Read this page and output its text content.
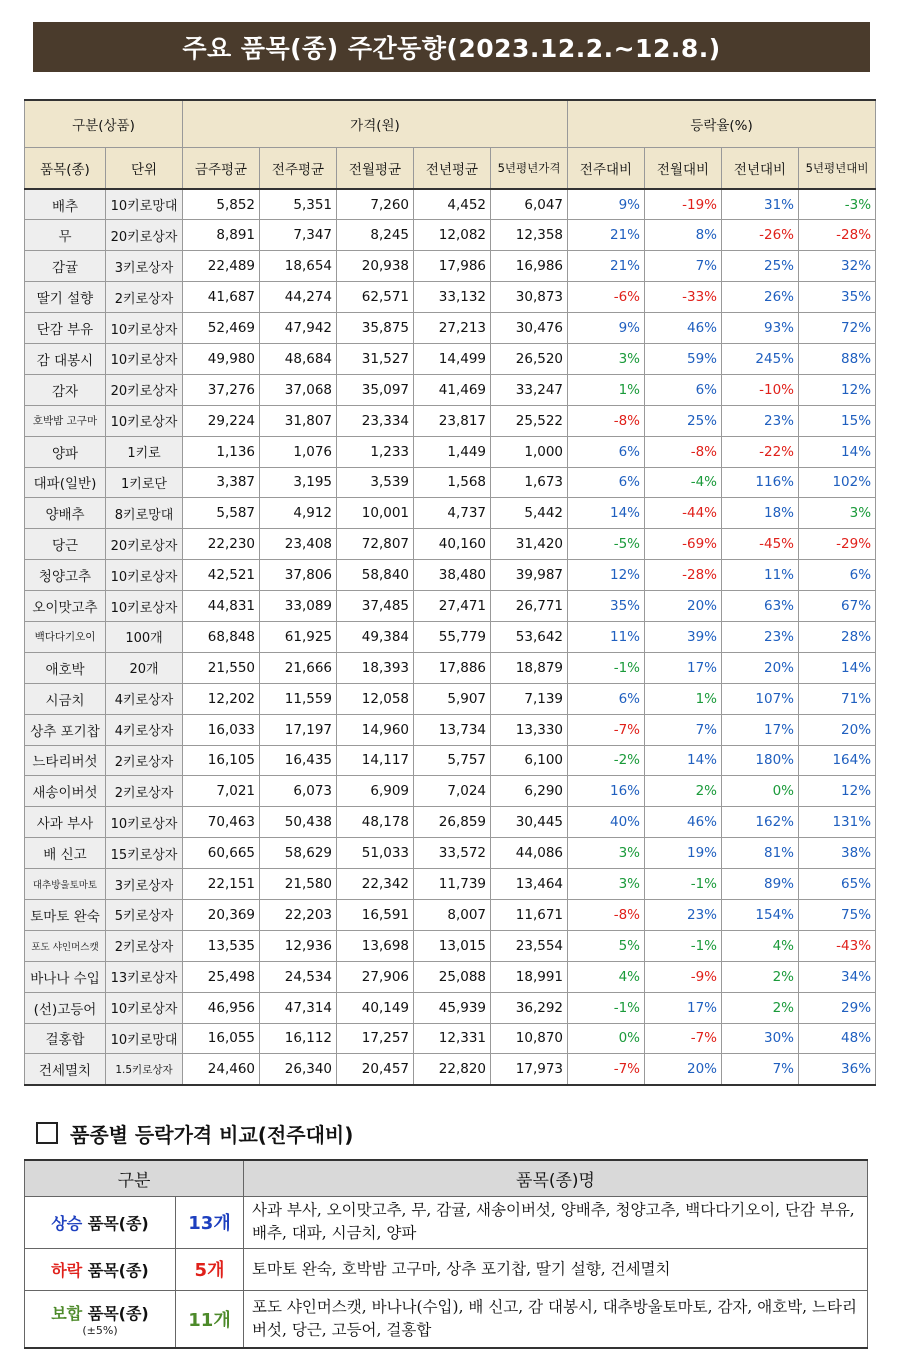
주요 품목(종) 주간동향(2023.12.2.~12.8.)
구분(상품)		가격(원)					등락율(%)			
품목(종)	단위	금주평균	전주평균	전월평균	전년평균	5년평년가격	전주대비	전월대비	전년대비	5년평년대비
배추	10키로망대	5,852	5,351	7,260	4,452	6,047	9%	-19%	31%	-3%
무	20키로상자	8,891	7,347	8,245	12,082	12,358	21%	8%	-26%	-28%
감귤	3키로상자	22,489	18,654	20,938	17,986	16,986	21%	7%	25%	32%
딸기 설향	2키로상자	41,687	44,274	62,571	33,132	30,873	-6%	-33%	26%	35%
단감 부유	10키로상자	52,469	47,942	35,875	27,213	30,476	9%	46%	93%	72%
감 대봉시	10키로상자	49,980	48,684	31,527	14,499	26,520	3%	59%	245%	88%
감자	20키로상자	37,276	37,068	35,097	41,469	33,247	1%	6%	-10%	12%
호박밤 고구마	10키로상자	29,224	31,807	23,334	23,817	25,522	-8%	25%	23%	15%
양파	1키로	1,136	1,076	1,233	1,449	1,000	6%	-8%	-22%	14%
대파(일반)	1키로단	3,387	3,195	3,539	1,568	1,673	6%	-4%	116%	102%
양배추	8키로망대	5,587	4,912	10,001	4,737	5,442	14%	-44%	18%	3%
당근	20키로상자	22,230	23,408	72,807	40,160	31,420	-5%	-69%	-45%	-29%
청양고추	10키로상자	42,521	37,806	58,840	38,480	39,987	12%	-28%	11%	6%
오이맛고추	10키로상자	44,831	33,089	37,485	27,471	26,771	35%	20%	63%	67%
백다다기오이	100개	68,848	61,925	49,384	55,779	53,642	11%	39%	23%	28%
애호박	20개	21,550	21,666	18,393	17,886	18,879	-1%	17%	20%	14%
시금치	4키로상자	12,202	11,559	12,058	5,907	7,139	6%	1%	107%	71%
상추 포기찹	4키로상자	16,033	17,197	14,960	13,734	13,330	-7%	7%	17%	20%
느타리버섯	2키로상자	16,105	16,435	14,117	5,757	6,100	-2%	14%	180%	164%
새송이버섯	2키로상자	7,021	6,073	6,909	7,024	6,290	16%	2%	0%	12%
사과 부사	10키로상자	70,463	50,438	48,178	26,859	30,445	40%	46%	162%	131%
배 신고	15키로상자	60,665	58,629	51,033	33,572	44,086	3%	19%	81%	38%
대추방울토마토	3키로상자	22,151	21,580	22,342	11,739	13,464	3%	-1%	89%	65%
토마토 완숙	5키로상자	20,369	22,203	16,591	8,007	11,671	-8%	23%	154%	75%
포도 샤인머스캣	2키로상자	13,535	12,936	13,698	13,015	23,554	5%	-1%	4%	-43%
바나나 수입	13키로상자	25,498	24,534	27,906	25,088	18,991	4%	-9%	2%	34%
(선)고등어	10키로상자	46,956	47,314	40,149	45,939	36,292	-1%	17%	2%	29%
걸홍합	10키로망대	16,055	16,112	17,257	12,331	10,870	0%	-7%	30%	48%
건세멸치	1.5키로상자	24,460	26,340	20,457	22,820	17,973	-7%	20%	7%	36%
품종별 등락가격 비교(전주대비)
구분		품목(종)명
상승 품목(종)	13개	사과 부사, 오이맛고추, 무, 감귤, 새송이버섯, 양배추, 청양고추, 백다다기오이, 단감 부유, 배추, 대파, 시금치, 양파
하락 품목(종)	5개	토마토 완숙, 호박밤 고구마, 상추 포기찹, 딸기 설향, 건세멸치
보합 품목(종)
(±5%)	11개	포도 샤인머스캣, 바나나(수입), 배 신고, 감 대봉시, 대추방울토마토, 감자, 애호박, 느타리버섯, 당근, 고등어, 걸홍합
